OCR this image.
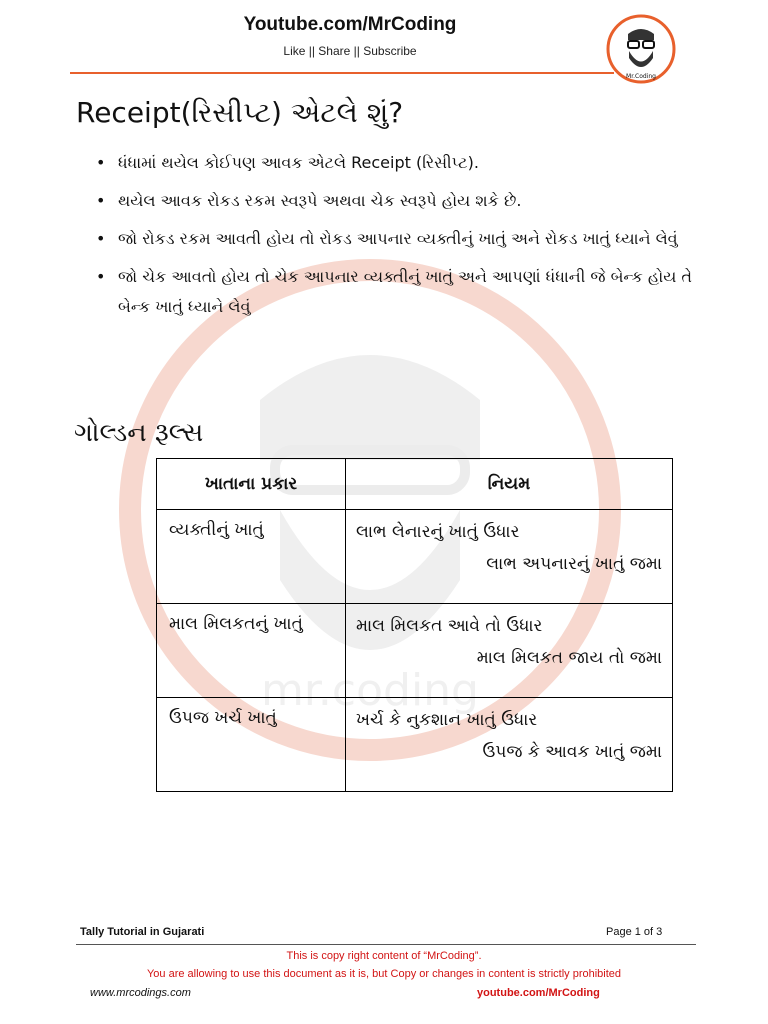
mr.coding
Youtube.com/MrCoding
Like || Share || Subscribe
Mr.Coding
Receipt(રિસીપ્ટ) એટલે શું?
• ધંધામાં થયેલ કોઈપણ આવક એટલે Receipt (રિસીપ્ટ).
• થયેલ આવક રોકડ રકમ સ્વરૂપે અથવા ચેક સ્વરૂપે હોય શકે છે.
• જો રોકડ રકમ આવતી હોય તો રોકડ આપનાર વ્યક્તીનું ખાતું અને રોકડ ખાતું ધ્યાને લેવું
• જો ચેક આવતો હોય તો ચેક આપનાર વ્યક્તીનું ખાતું અને આપણાં ધંધાની જે બેન્ક હોય તે બેન્ક ખાતું ધ્યાને લેવું
ગોલ્ડન રૂલ્સ
ખાતાના પ્રકાર	નિયમ
વ્યક્તીનું ખાતું	લાભ લેનારનું ખાતું ઉધાર
લાભ અપનારનું ખાતું જમા

માલ મિલકતનું ખાતું	માલ મિલકત આવે તો ઉધાર
માલ મિલકત જાય તો જમા

ઉપજ ખર્ચ ખાતું	ખર્ચ કે નુકશાન ખાતું ઉધાર
ઉપજ કે આવક ખાતું જમા
Tally Tutorial in Gujarati	Page 1 of 3
This is copy right content of “MrCoding”.
You are allowing to use this document as it is, but Copy or changes in content is strictly prohibited
www.mrcodings.com	youtube.com/MrCoding
